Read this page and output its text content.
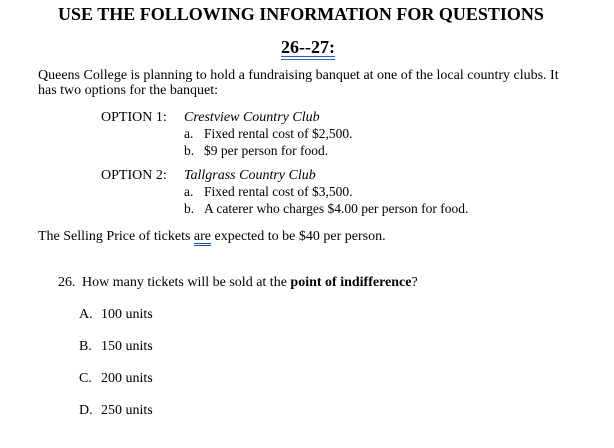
USE THE FOLLOWING INFORMATION FOR QUESTIONS
26--27:
Queens College is planning to hold a fundraising banquet at one of the local country clubs. It
has two options for the banquet:
OPTION 1: Crestview Country Club
a. Fixed rental cost of $2,500.
b. $9 per person for food.
OPTION 2: Tallgrass Country Club
a. Fixed rental cost of $3,500.
b. A caterer who charges $4.00 per person for food.
The Selling Price of tickets are expected to be $40 per person.
26. How many tickets will be sold at the point of indifference?
A. 100 units
B. 150 units
C. 200 units
D. 250 units
